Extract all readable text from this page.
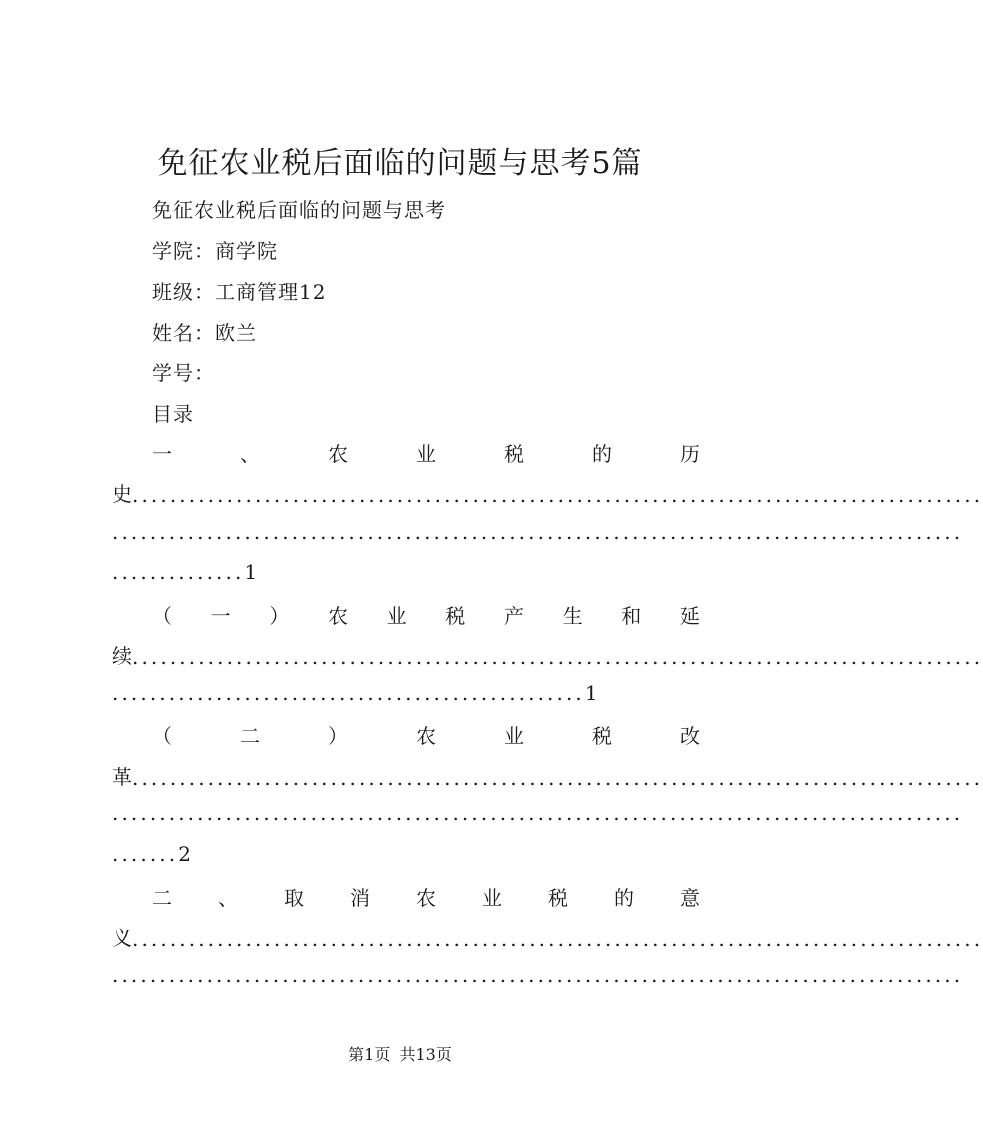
免征农业税后面临的问题与思考5篇
免征农业税后面临的问题与思考
学院：商学院
班级：工商管理12
姓名：欧兰
学号：
目录
一	、	农	业	税	的	历
史..........................................................................................
..........................................................................................
..............1
（ 一 ） 农 业 税 产 生 和 延
续..........................................................................................
..................................................1
（	二	）	农	业	税	改
革..........................................................................................
..........................................................................................
.......2
二 、 取 消 农 业 税 的 意
义..........................................................................................
..........................................................................................
第1页 共13页
